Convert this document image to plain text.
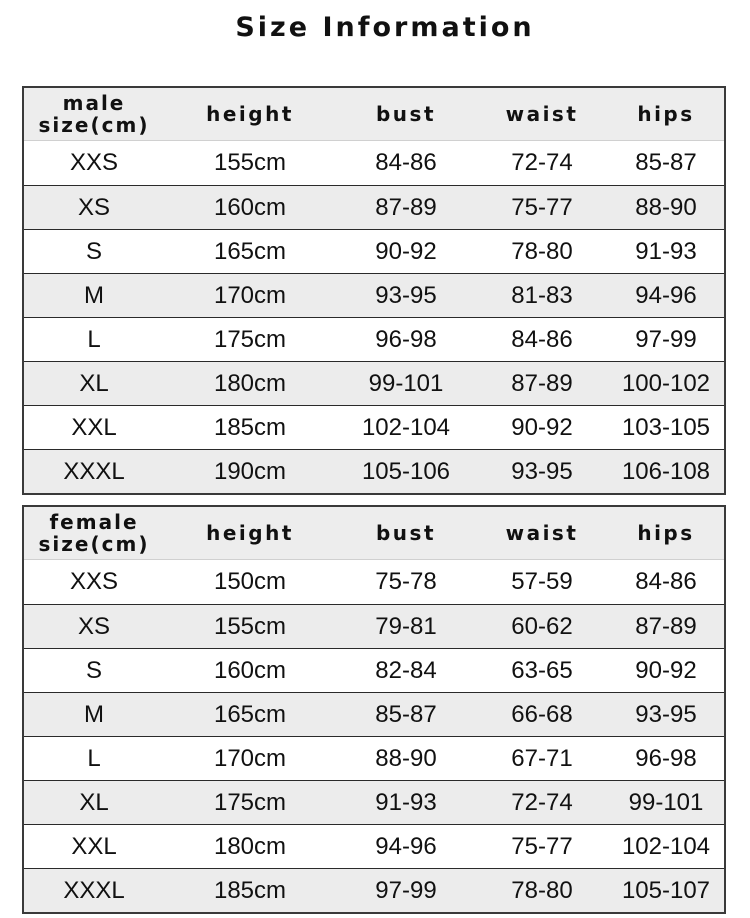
Size Information
male
size(cm)	height	bust	waist	hips
XXS	155cm	84-86	72-74	85-87
XS	160cm	87-89	75-77	88-90
S	165cm	90-92	78-80	91-93
M	170cm	93-95	81-83	94-96
L	175cm	96-98	84-86	97-99
XL	180cm	99-101	87-89	100-102
XXL	185cm	102-104	90-92	103-105
XXXL	190cm	105-106	93-95	106-108
female
size(cm)	height	bust	waist	hips
XXS	150cm	75-78	57-59	84-86
XS	155cm	79-81	60-62	87-89
S	160cm	82-84	63-65	90-92
M	165cm	85-87	66-68	93-95
L	170cm	88-90	67-71	96-98
XL	175cm	91-93	72-74	99-101
XXL	180cm	94-96	75-77	102-104
XXXL	185cm	97-99	78-80	105-107
